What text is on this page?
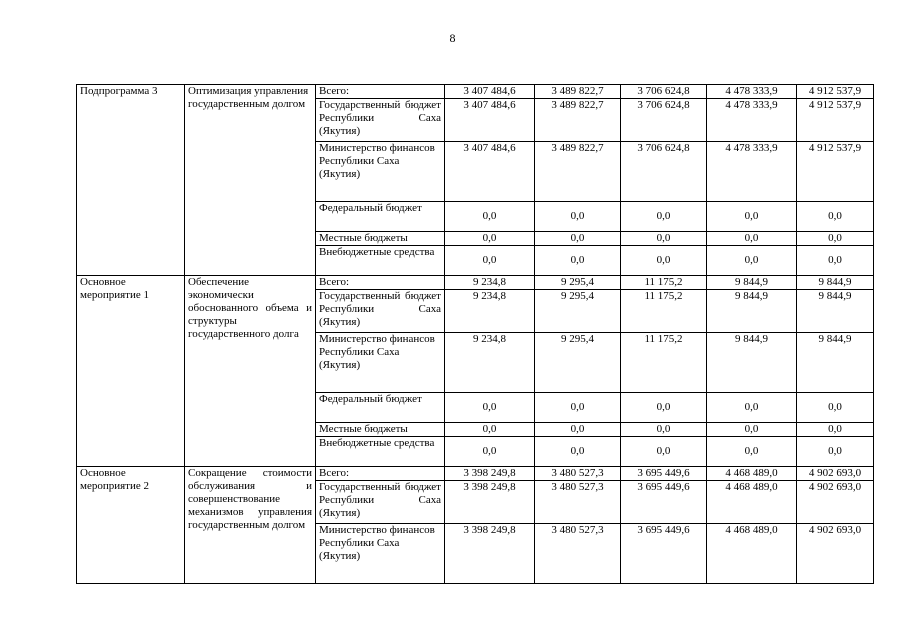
8
Подпрограмма 3	Оптимизация управления государственным долгом	Всего:	3 407 484,6	3 489 822,7	3 706 624,8	4 478 333,9	4 912 537,9
		Государственный бюджет Республики Саха (Якутия)	3 407 484,6	3 489 822,7	3 706 624,8	4 478 333,9	4 912 537,9
		Министерство финансов Республики Саха (Якутия)	3 407 484,6	3 489 822,7	3 706 624,8	4 478 333,9	4 912 537,9
		Федеральный бюджет	0,0	0,0	0,0	0,0	0,0
		Местные бюджеты	0,0	0,0	0,0	0,0	0,0
		Внебюджетные средства	0,0	0,0	0,0	0,0	0,0
Основное мероприятие 1	Обеспечение экономически обоснованного объема и структуры государственного долга	Всего:	9 234,8	9 295,4	11 175,2	9 844,9	9 844,9
		Государственный бюджет Республики Саха (Якутия)	9 234,8	9 295,4	11 175,2	9 844,9	9 844,9
		Министерство финансов Республики Саха (Якутия)	9 234,8	9 295,4	11 175,2	9 844,9	9 844,9
		Федеральный бюджет	0,0	0,0	0,0	0,0	0,0
		Местные бюджеты	0,0	0,0	0,0	0,0	0,0
		Внебюджетные средства	0,0	0,0	0,0	0,0	0,0
Основное мероприятие 2	Сокращение стоимости обслуживания и совершенствование механизмов управления государственным долгом	Всего:	3 398 249,8	3 480 527,3	3 695 449,6	4 468 489,0	4 902 693,0
		Государственный бюджет Республики Саха (Якутия)	3 398 249,8	3 480 527,3	3 695 449,6	4 468 489,0	4 902 693,0
		Министерство финансов Республики Саха (Якутия)	3 398 249,8	3 480 527,3	3 695 449,6	4 468 489,0	4 902 693,0
